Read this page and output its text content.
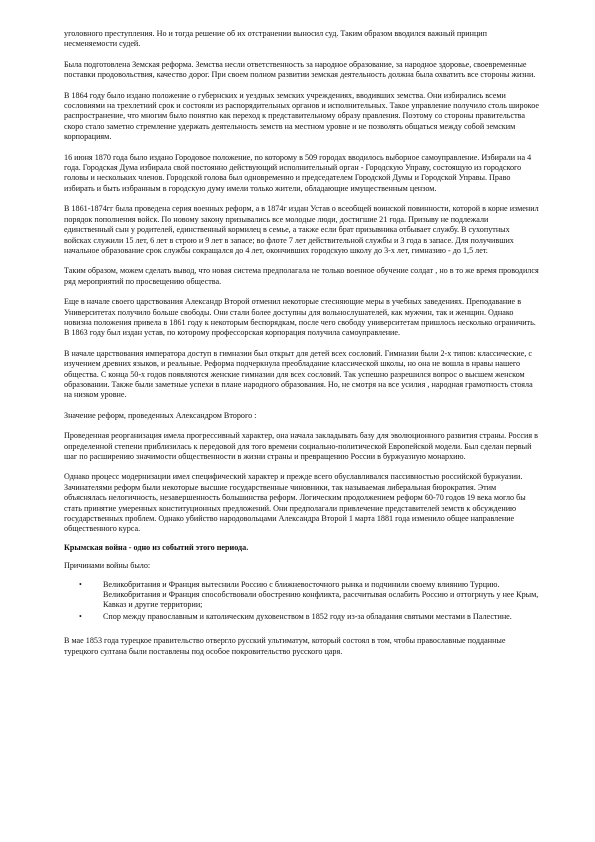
уголовного преступления. Но и тогда решение об их отстранении выносил суд. Таким образом вводился важный принцип несменяемости судей.

Была подготовлена Земская реформа. Земства несли ответственность за народное образование, за народное здоровье, своевременные поставки продовольствия, качество дорог. При своем полном развитии земская деятельность должна была охватить все стороны жизни.

В 1864 году было издано положение о губернских и уездных земских учреждениях, вводивших земства. Они избирались всеми сословиями на трехлетний срок и состояли из распорядительных органов и исполнительных. Такое управление получило столь широкое распространение, что многим было понятно как переход к представительному образу правления. Поэтому со стороны правительства скоро стало заметно стремление удержать деятельность земств на местном уровне и не позволять общаться между собой земским корпорациям.

16 июня 1870 года было издано Городовое положение, по которому в 509 городах вводилось выборное самоуправление. Избирали на 4 года. Городская Дума избирала свой постоянно действующий исполнительный орган - Городскую Управу, состоящую из городского головы и нескольких членов. Городской голова был одновременно и председателем Городской Думы и Городской Управы. Право избирать и быть избранным в городскую думу имели только жители, обладающие имущественным цензом.

В 1861-1874гг была проведена серия военных реформ, а в 1874г издан Устав о всеобщей воинской повинности, которой в корне изменил порядок пополнения войск. По новому закону призывались все молодые люди, достигшие 21 года. Призыву не подлежали единственный сын у родителей, единственный кормилец в семье, а также если брат призывника отбывает службу. В сухопутных войсках служили 15 лет, 6 лет в строю и 9 лет в запасе; во флоте 7 лет действительной службы и 3 года в запасе. Для получивших начальное образование срок службы сокращался до 4 лет, окончивших городскую школу до 3-х лет, гимназию - до 1,5 лет.

Таким образом, можем сделать вывод, что новая система предполагала не только военное обучение солдат , но в то же время проводился ряд мероприятий по просвещению общества.

Еще в начале своего царствования Александр Второй отменил некоторые стесняющие меры в учебных заведениях. Преподавание в Университетах получило больше свободы. Они стали более доступны для вольнослушателей, как мужчин, так и женщин. Однако новизна положения привела в 1861 году к некоторым беспорядкам, после чего свободу университетам пришлось несколько ограничить. В 1863 году был издан устав, по которому профессорская корпорация получила самоуправление.

В начале царствования императора доступ в гимназии был открыт для детей всех сословий. Гимназии были 2-х типов: классические, с изучением древних языков, и реальные. Реформа подчеркнула преобладание классической школы, но она не вошла в нравы нашего общества. С конца 50-х годов появляются женские гимназии для всех сословий. Так успешно разрешился вопрос о высшем женском образовании. Также были заметные успехи в плане народного образования. Но, не смотря на все усилия , народная грамотность стояла на низком уровне.

Значение реформ, проведенных Александром Второго :

Проведенная реорганизация имела прогрессивный характер, она начала закладывать базу для эволюционного развития страны. Россия в определенной степени приблизилась к передовой для того времени социально-политической Европейской модели. Был сделан первый шаг по расширению значимости общественности в жизни страны и превращению России в буржуазную монархию.

Однако процесс модернизации имел специфический характер и прежде всего обуславливался пассивностью российской буржуазии. Зачинателями реформ были некоторые высшие государственные чиновники, так называемая либеральная бюрократия. Этим объяснялась нелогичность, незавершенность большинства реформ. Логическим продолжением реформ 60-70 годов 19 века могло бы стать принятие умеренных конституционных предложений. Они предполагали привлечение представителей земств к обсуждению государственных проблем. Однако убийство народовольцами Александра Второй 1 марта 1881 года изменило общее направление общественного курса.

Крымская война - одно из событий этого периода.

Причинами войны было:

•	Великобритания и Франция вытеснили Россию с ближневосточного рынка и подчинили своему влиянию Турцию. Великобритания и Франция способствовали обострению конфликта, рассчитывая ослабить Россию и оттогрнуть у нее Крым, Кавказ и другие территории;
•	Спор между православным и католическим духовенством в 1852 году из-за обладания святыми местами в Палестине.

В мае 1853 года турецкое правительство отвергло русский ультиматум, который состоял в том, чтобы православные подданные турецкого султана были поставлены под особое покровительство русского царя.
